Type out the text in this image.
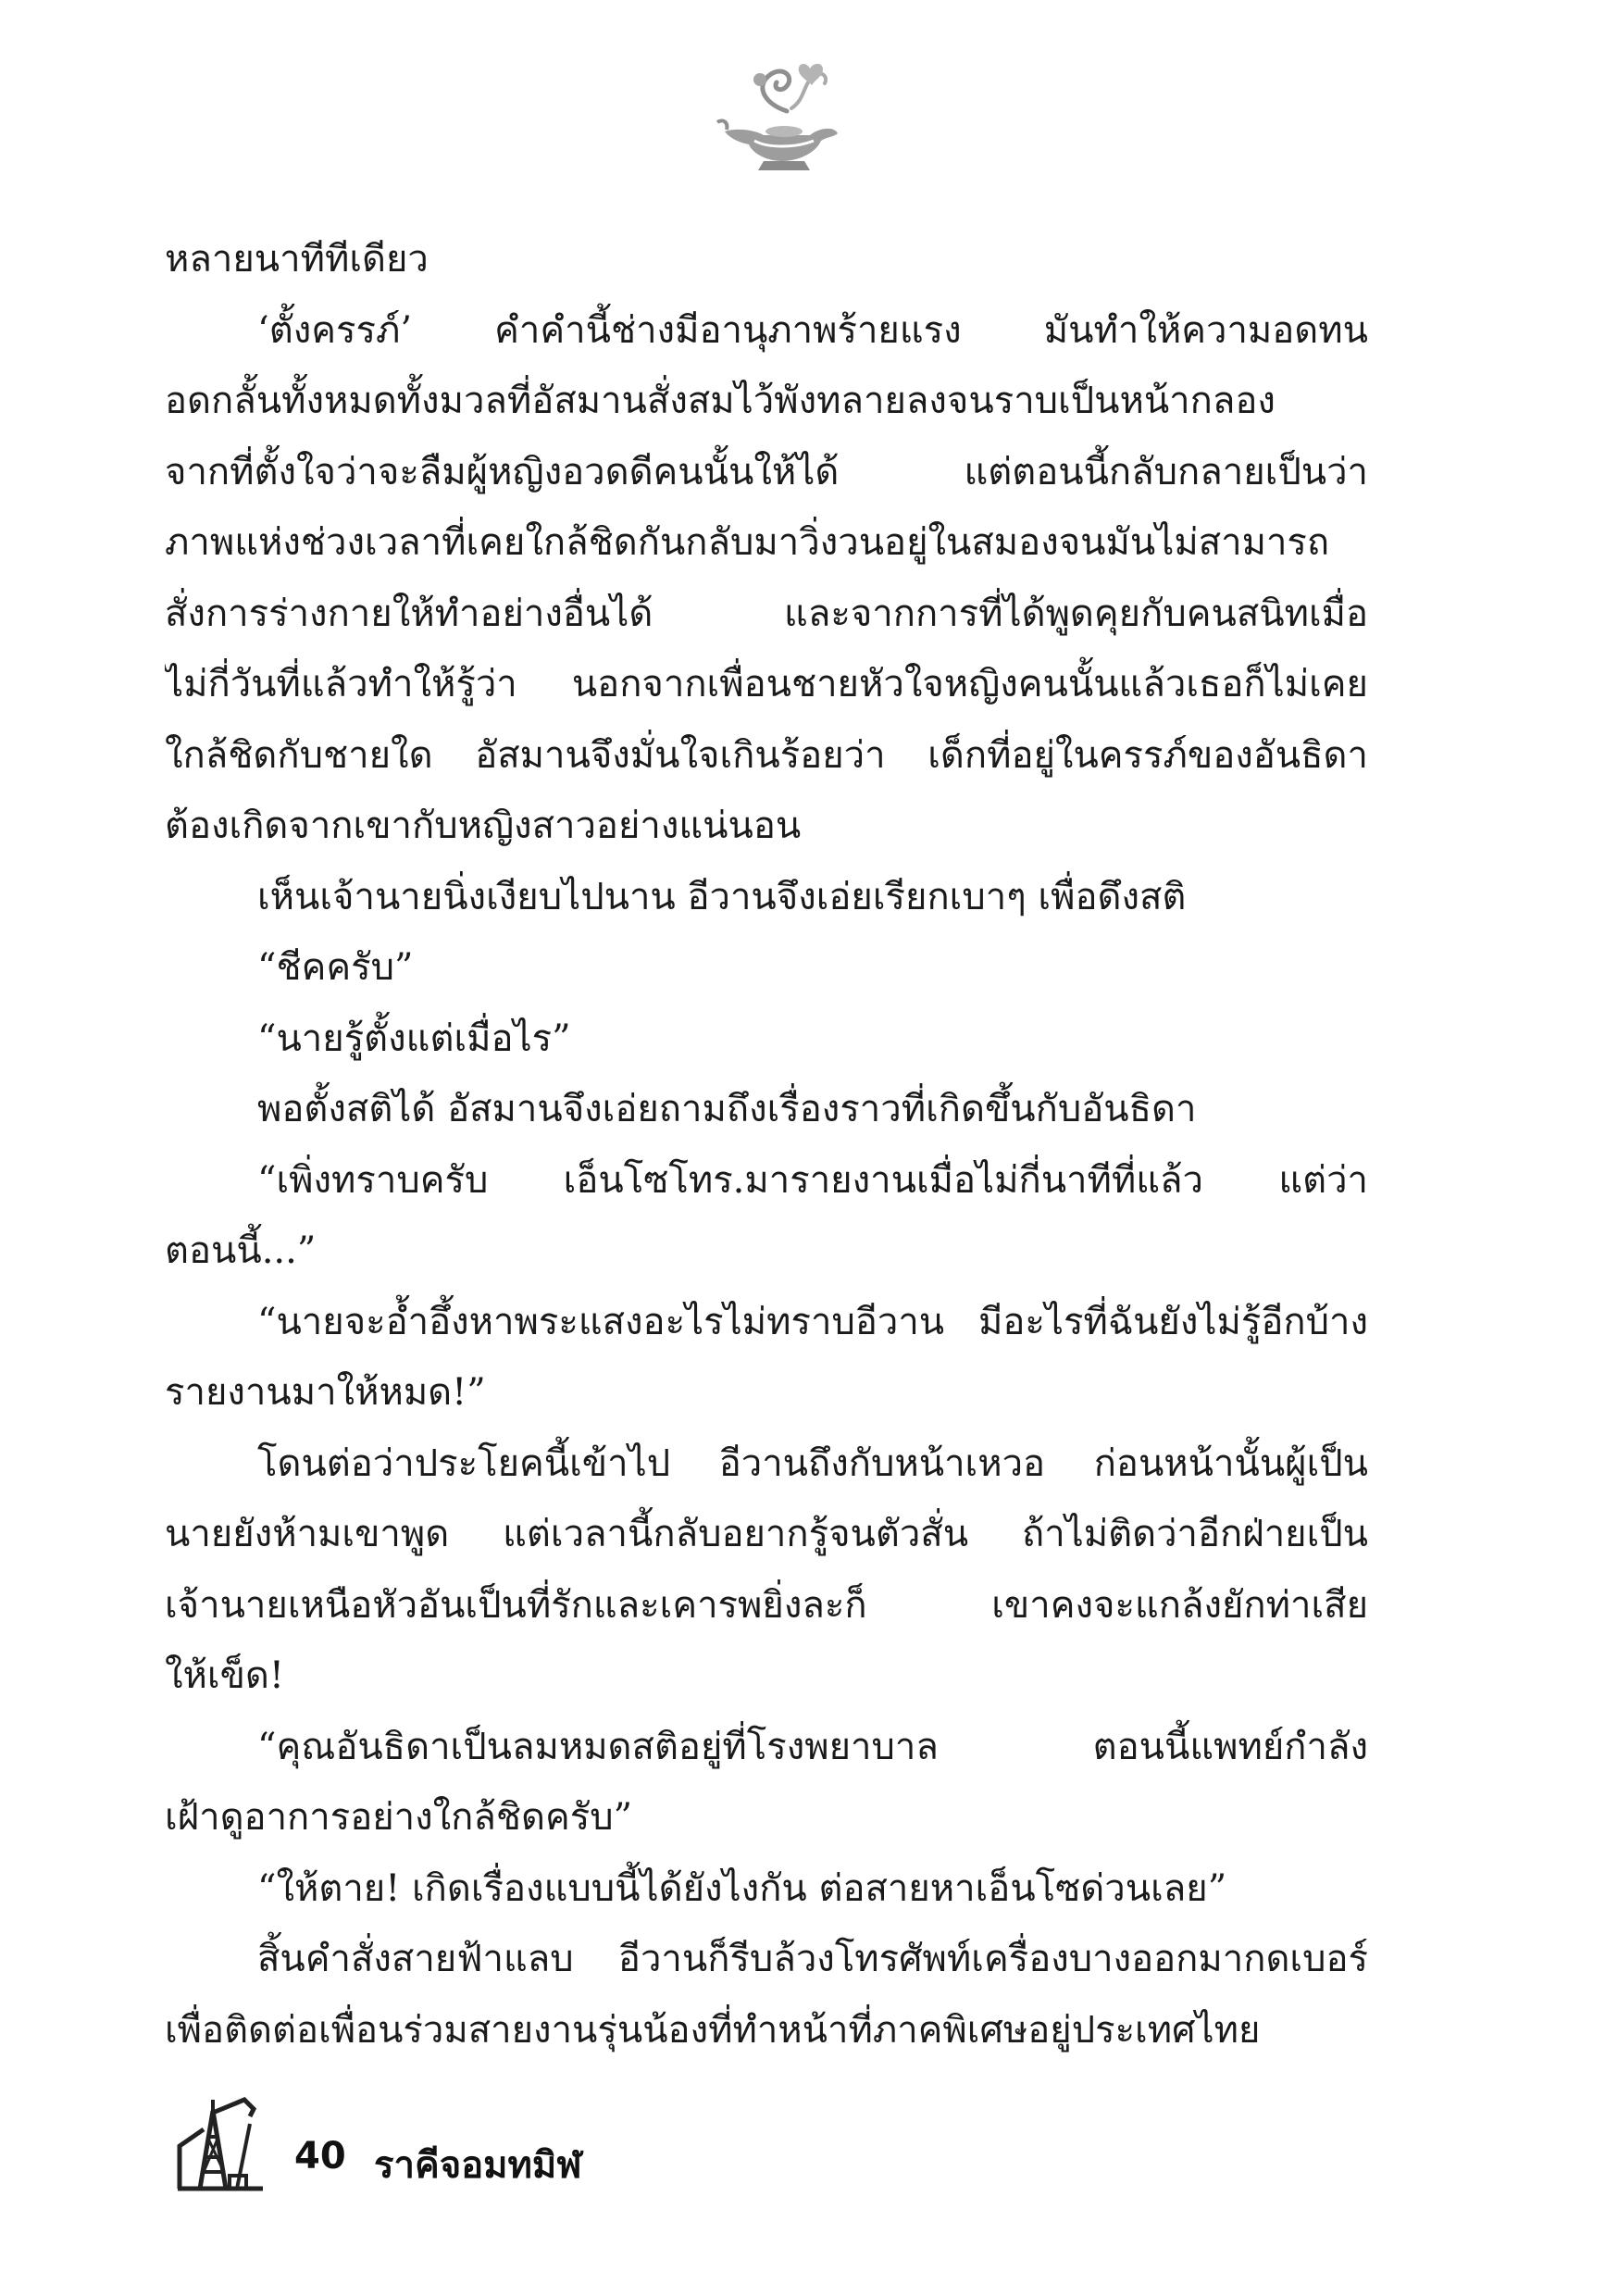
หลายนาทีทีเดียว
‘ตั้งครรภ์’ คำคำนี้ช่างมีอานุภาพร้ายแรง มันทำให้ความอดทน
อดกลั้นทั้งหมดทั้งมวลที่อัสมานสั่งสมไว้พังทลายลงจนราบเป็นหน้ากลอง
จากที่ตั้งใจว่าจะลืมผู้หญิงอวดดีคนนั้นให้ได้ แต่ตอนนี้กลับกลายเป็นว่า
ภาพแห่งช่วงเวลาที่เคยใกล้ชิดกันกลับมาวิ่งวนอยู่ในสมองจนมันไม่สามารถ
สั่งการร่างกายให้ทำอย่างอื่นได้ และจากการที่ได้พูดคุยกับคนสนิทเมื่อ
ไม่กี่วันที่แล้วทำให้รู้ว่า นอกจากเพื่อนชายหัวใจหญิงคนนั้นแล้วเธอก็ไม่เคย
ใกล้ชิดกับชายใด อัสมานจึงมั่นใจเกินร้อยว่า เด็กที่อยู่ในครรภ์ของอันธิดา
ต้องเกิดจากเขากับหญิงสาวอย่างแน่นอน
เห็นเจ้านายนิ่งเงียบไปนาน อีวานจึงเอ่ยเรียกเบาๆ เพื่อดึงสติ
“ชีคครับ”
“นายรู้ตั้งแต่เมื่อไร”
พอตั้งสติได้ อัสมานจึงเอ่ยถามถึงเรื่องราวที่เกิดขึ้นกับอันธิดา
“เพิ่งทราบครับ เอ็นโซโทร.มารายงานเมื่อไม่กี่นาทีที่แล้ว แต่ว่า
ตอนนี้...”
“นายจะอ้ำอึ้งหาพระแสงอะไรไม่ทราบอีวาน มีอะไรที่ฉันยังไม่รู้อีกบ้าง
รายงานมาให้หมด!”
โดนต่อว่าประโยคนี้เข้าไป อีวานถึงกับหน้าเหวอ ก่อนหน้านั้นผู้เป็น
นายยังห้ามเขาพูด แต่เวลานี้กลับอยากรู้จนตัวสั่น ถ้าไม่ติดว่าอีกฝ่ายเป็น
เจ้านายเหนือหัวอันเป็นที่รักและเคารพยิ่งละก็ เขาคงจะแกล้งยักท่าเสีย
ให้เข็ด!
“คุณอันธิดาเป็นลมหมดสติอยู่ที่โรงพยาบาล ตอนนี้แพทย์กำลัง
เฝ้าดูอาการอย่างใกล้ชิดครับ”
“ให้ตาย! เกิดเรื่องแบบนี้ได้ยังไงกัน ต่อสายหาเอ็นโซด่วนเลย”
สิ้นคำสั่งสายฟ้าแลบ อีวานก็รีบล้วงโทรศัพท์เครื่องบางออกมากดเบอร์
เพื่อติดต่อเพื่อนร่วมสายงานรุ่นน้องที่ทำหน้าที่ภาคพิเศษอยู่ประเทศไทย
40 ราคีจอมทมิฬ
